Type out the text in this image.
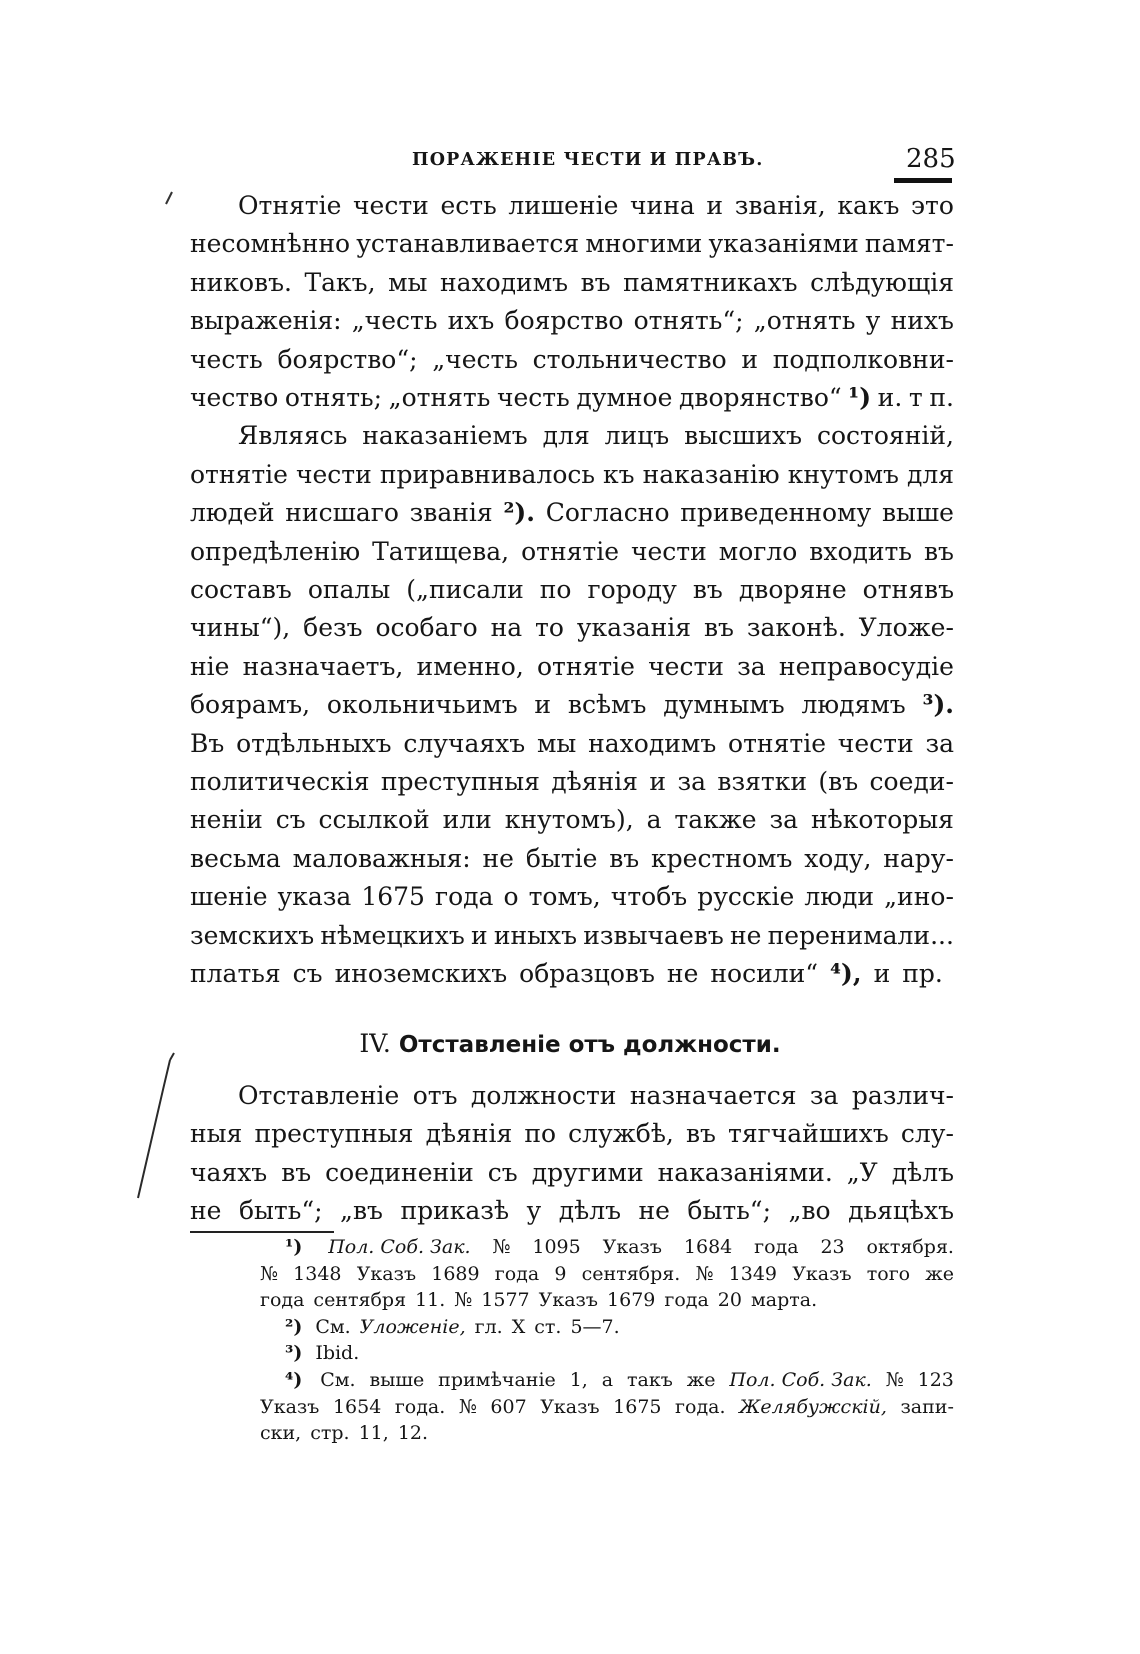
ПОРАЖЕНІЕ ЧЕСТИ И ПРАВЪ.	285
Отнятіе чести есть лишеніе чина и званія, какъ это
несомнѣнно устанавливается многими указаніями памят-
никовъ. Такъ, мы находимъ въ памятникахъ слѣдующія
выраженія: „честь ихъ боярство отнять“; „отнять у нихъ
честь боярство“; „честь стольничество и подполковни-
чество отнять; „отнять честь думное дворянство“ ¹) и. т п.
Являясь наказаніемъ для лицъ высшихъ состояній,
отнятіе чести приравнивалось къ наказанію кнутомъ для
людей нисшаго званія ²). Согласно приведенному выше
опредѣленію Татищева, отнятіе чести могло входить въ
составъ опалы („писали по городу въ дворяне отнявъ
чины“), безъ особаго на то указанія въ законѣ. Уложе-
ніе назначаетъ, именно, отнятіе чести за неправосудіе
боярамъ, окольничьимъ и всѣмъ думнымъ людямъ ³).
Въ отдѣльныхъ случаяхъ мы находимъ отнятіе чести за
политическія преступныя дѣянія и за взятки (въ соеди-
неніи съ ссылкой или кнутомъ), а также за нѣкоторыя
весьма маловажныя: не бытіе въ крестномъ ходу, нару-
шеніе указа 1675 года о томъ, чтобъ русскіе люди „ино-
земскихъ нѣмецкихъ и иныхъ извычаевъ не перенимали...
платья съ иноземскихъ образцовъ не носили“ ⁴), и пр.
IV. Отставленіе отъ должности.
Отставленіе отъ должности назначается за различ-
ныя преступныя дѣянія по службѣ, въ тягчайшихъ слу-
чаяхъ въ соединеніи съ другими наказаніями. „У дѣлъ
не быть“; „въ приказѣ у дѣлъ не быть“; „во дьяцѣхъ
¹) Пол. Соб. Зак. № 1095 Указъ 1684 года 23 октября.
№ 1348 Указъ 1689 года 9 сентября. № 1349 Указъ того же
года сентября 11. № 1577 Указъ 1679 года 20 марта.
²) См. Уложеніе, гл. X ст. 5—7.
³) Ibid.
⁴) См. выше примѣчаніе 1, а такъ же Пол. Соб. Зак. № 123
Указъ 1654 года. № 607 Указъ 1675 года. Желябужскій, запи-
ски, стр. 11, 12.
